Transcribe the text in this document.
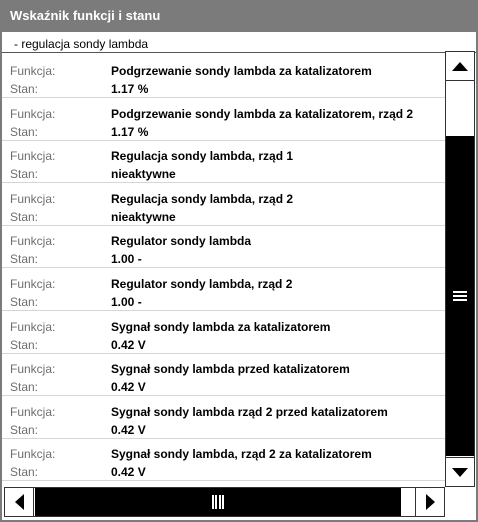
Wskaźnik funkcji i stanu
- regulacja sondy lambda
Funkcja:	Podgrzewanie sondy lambda za katalizatorem
Stan:	1.17 %
Funkcja:	Podgrzewanie sondy lambda za katalizatorem, rząd 2
Stan:	1.17 %
Funkcja:	Regulacja sondy lambda, rząd 1
Stan:	nieaktywne
Funkcja:	Regulacja sondy lambda, rząd 2
Stan:	nieaktywne
Funkcja:	Regulator sondy lambda
Stan:	1.00 -
Funkcja:	Regulator sondy lambda, rząd 2
Stan:	1.00 -
Funkcja:	Sygnał sondy lambda za katalizatorem
Stan:	0.42 V
Funkcja:	Sygnał sondy lambda przed katalizatorem
Stan:	0.42 V
Funkcja:	Sygnał sondy lambda rząd 2 przed katalizatorem
Stan:	0.42 V
Funkcja:	Sygnał sondy lambda, rząd 2 za katalizatorem
Stan:	0.42 V
